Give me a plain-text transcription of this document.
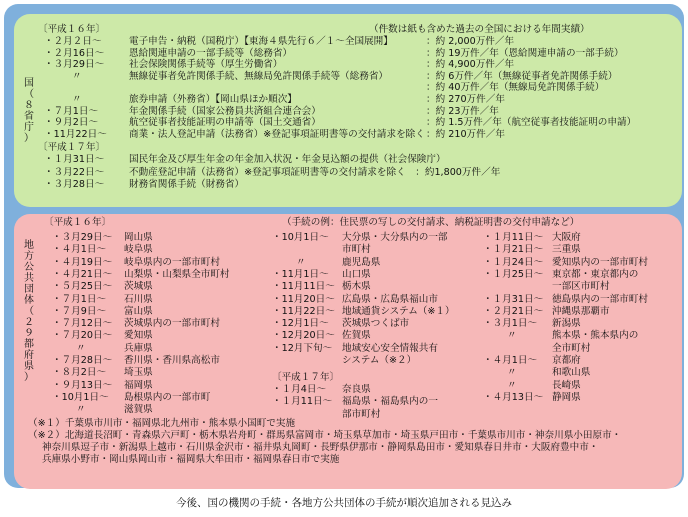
国
（
８
省
庁
）
〔平成１６年〕	（件数は紙も含めた過去の全国における年間実績）
・２月２日～	電子申告・納税（国税庁）【東海４県先行６／１～全国展開】	：約 2,000万件／年
・２月16日～	恩給関連申請の一部手続等（総務省）	：約 19万件／年（恩給関連申請の一部手続）
・３月29日～	社会保険関係手続等（厚生労働省）	：約 4,900万件／年
〃	無線従事者免許関係手続、無線局免許関係手続等（総務省）	：約 6万件／年（無線従事者免許関係手続）
：約 40万件／年（無線局免許関係手続）
〃	旅券申請（外務省）【岡山県ほか順次】	：約 270万件／年
・７月1日～	年金関係手続（国家公務員共済組合連合会）	：約 23万件／年
・９月2日～	航空従事者技能証明の申請等（国土交通省）	：約 1.5万件／年（航空従事者技能証明の申請）
・11月22日～ 商業・法人登記申請（法務省）※登記事項証明書等の交付請求を除く ：約 210万件／年
〔平成１７年〕
・１月31日～	国民年金及び厚生年金の年金加入状況・年金見込額の提供（社会保険庁）
・３月22日～	不動産登記申請（法務省）※登記事項証明書等の交付請求を除く　：約1,800万件／年
・３月28日～	財務省関係手続（財務省）
地
方
公
共
団
体
（
２
９
都
府
県
）
〔平成１６年〕	（手続の例：住民票の写しの交付請求、納税証明書の交付申請など）
・３月29日～ 岡山県
・４月1日～ 岐阜県
・４月19日～ 岐阜県内の一部市町村
・４月21日～ 山梨県・山梨県全市町村
・５月25日～ 茨城県
・７月1日～ 石川県
・７月9日～ 富山県
・７月12日～ 茨城県内の一部市町村
・７月20日～ 愛知県
〃	兵庫県
・７月28日～ 香川県・香川県高松市
・８月2日～ 埼玉県
・９月13日～ 福岡県
・10月1日～ 島根県内の一部市町
〃	滋賀県
・10月1日～ 大分県・大分県内の一部
市町村
〃	鹿児島県
・11月1日～ 山口県
・11月11日～ 栃木県
・11月20日～ 広島県・広島県福山市
・11月22日～ 地域通貨システム（※１）
・12月1日～ 茨城県つくば市
・12月20日～ 佐賀県
・12月下旬～ 地域安心安全情報共有
システム（※２）
〔平成１７年〕
・１月4日～ 奈良県
・１月11日～ 福島県・福島県内の一
部市町村
・１月11日～ 大阪府
・１月21日～ 三重県
・１月24日～ 愛知県内の一部市町村
・１月25日～ 東京都・東京都内の
一部区市町村
・１月31日～ 徳島県内の一部市町村
・２月21日～ 沖縄県那覇市
・３月1日～ 新潟県
〃	熊本県・熊本県内の
全市町村
・４月1日～ 京都府
〃	和歌山県
〃	長崎県
・４月13日～ 静岡県
（※１）千葉県市川市・福岡県北九州市・熊本県小国町で実施
（※２）北海道長沼町・青森県六戸町・栃木県岩舟町・群馬県富岡市・埼玉県草加市・埼玉県戸田市・千葉県市川市・神奈川県小田原市・
神奈川県逗子市・新潟県上越市・石川県金沢市・福井県丸岡町・長野県伊那市・静岡県島田市・愛知県春日井市・大阪府豊中市・
兵庫県小野市・岡山県岡山市・福岡県大牟田市・福岡県春日市で実施
今後、国の機関の手続・各地方公共団体の手続が順次追加される見込み
